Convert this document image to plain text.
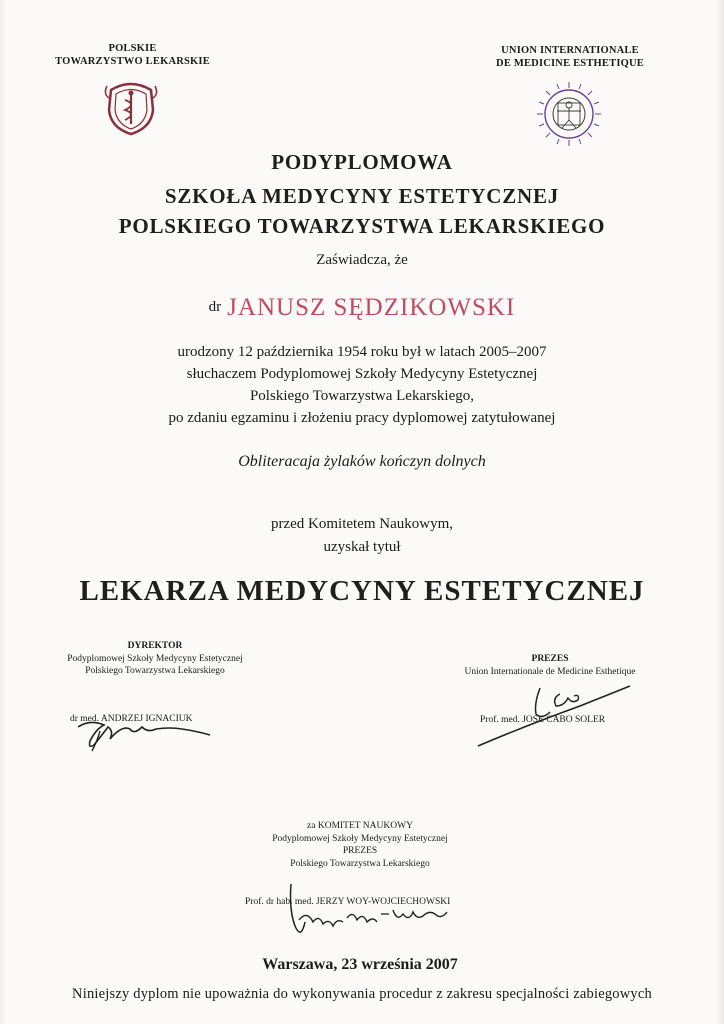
POLSKIE
TOWARZYSTWO LEKARSKIE
UNION INTERNATIONALE
DE MEDICINE ESTHETIQUE
PODYPLOMOWA
SZKOŁA MEDYCYNY ESTETYCZNEJ
POLSKIEGO TOWARZYSTWA LEKARSKIEGO
Zaświadcza, że
dr JANUSZ SĘDZIKOWSKI
urodzony 12 października 1954 roku był w latach 2005–2007
słuchaczem Podyplomowej Szkoły Medycyny Estetycznej
Polskiego Towarzystwa Lekarskiego,
po zdaniu egzaminu i złożeniu pracy dyplomowej zatytułowanej
Obliteracaja żylaków kończyn dolnych
przed Komitetem Naukowym,
uzyskał tytuł
LEKARZA MEDYCYNY ESTETYCZNEJ
DYREKTOR
Podyplomowej Szkoły Medycyny Estetycznej
Polskiego Towarzystwa Lekarskiego
dr med. ANDRZEJ IGNACIUK
PREZES
Union Internationale de Medicine Esthetique
Prof. med. JOSE CABO SOLER
za KOMITET NAUKOWY
Podyplomowej Szkoły Medycyny Estetycznej
PREZES
Polskiego Towarzystwa Lekarskiego
Prof. dr hab. med. JERZY WOY-WOJCIECHOWSKI
Warszawa, 23 września 2007
Niniejszy dyplom nie upoważnia do wykonywania procedur z zakresu specjalności zabiegowych
